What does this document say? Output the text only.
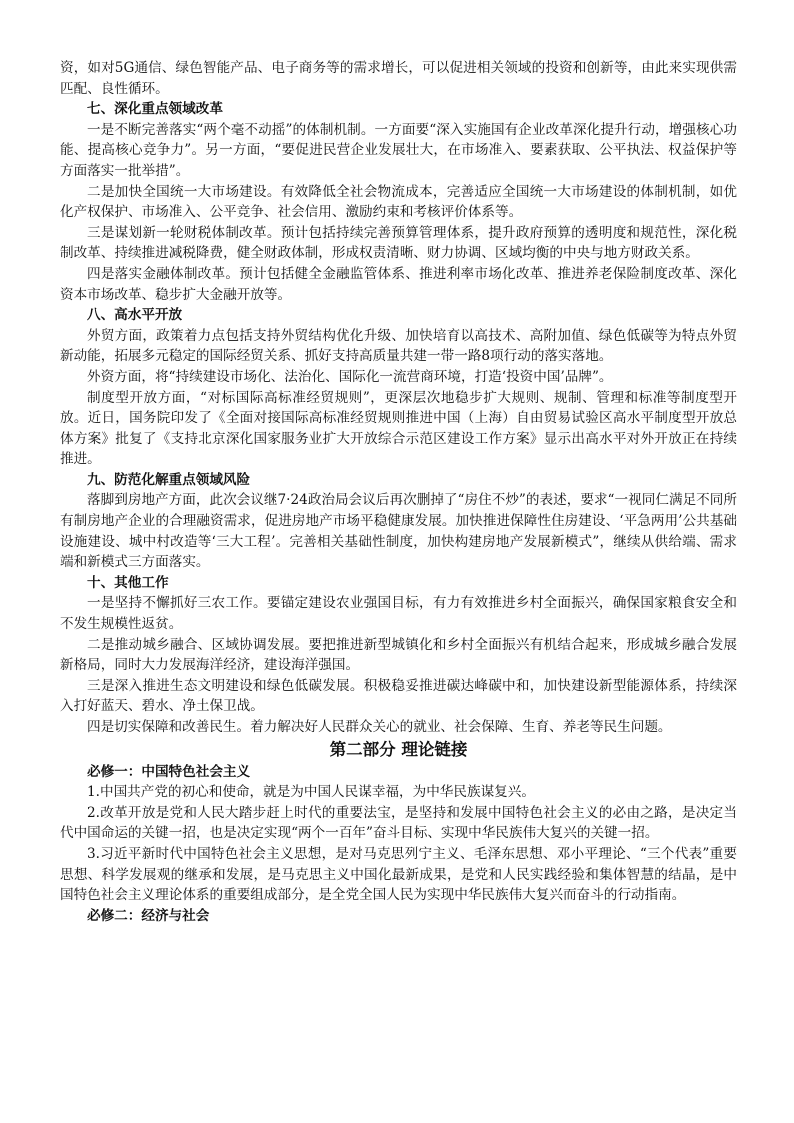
资，如对5G通信、绿色智能产品、电子商务等的需求增长，可以促进相关领域的投资和创新等，由此来实现供需匹配、良性循环。

七、深化重点领域改革

一是不断完善落实“两个毫不动摇”的体制机制。一方面要“深入实施国有企业改革深化提升行动，增强核心功能、提高核心竞争力”。另一方面，“要促进民营企业发展壮大，在市场准入、要素获取、公平执法、权益保护等方面落实一批举措”。

二是加快全国统一大市场建设。有效降低全社会物流成本，完善适应全国统一大市场建设的体制机制，如优化产权保护、市场准入、公平竞争、社会信用、激励约束和考核评价体系等。

三是谋划新一轮财税体制改革。预计包括持续完善预算管理体系，提升政府预算的透明度和规范性，深化税制改革、持续推进减税降费，健全财政体制，形成权责清晰、财力协调、区域均衡的中央与地方财政关系。

四是落实金融体制改革。预计包括健全金融监管体系、推进利率市场化改革、推进养老保险制度改革、深化资本市场改革、稳步扩大金融开放等。

八、高水平开放

外贸方面，政策着力点包括支持外贸结构优化升级、加快培育以高技术、高附加值、绿色低碳等为特点外贸新动能，拓展多元稳定的国际经贸关系、抓好支持高质量共建一带一路8项行动的落实落地。

外资方面，将“持续建设市场化、法治化、国际化一流营商环境，打造‘投资中国’品牌”。

制度型开放方面，“对标国际高标准经贸规则”，更深层次地稳步扩大规则、规制、管理和标准等制度型开放。近日，国务院印发了《全面对接国际高标准经贸规则推进中国（上海）自由贸易试验区高水平制度型开放总体方案》批复了《支持北京深化国家服务业扩大开放综合示范区建设工作方案》显示出高水平对外开放正在持续推进。

九、防范化解重点领域风险

落脚到房地产方面，此次会议继7·24政治局会议后再次删掉了“房住不炒”的表述，要求“一视同仁满足不同所有制房地产企业的合理融资需求，促进房地产市场平稳健康发展。加快推进保障性住房建设、‘平急两用’公共基础设施建设、城中村改造等‘三大工程’。完善相关基础性制度，加快构建房地产发展新模式”，继续从供给端、需求端和新模式三方面落实。

十、其他工作

一是坚持不懈抓好三农工作。要锚定建设农业强国目标，有力有效推进乡村全面振兴，确保国家粮食安全和不发生规模性返贫。

二是推动城乡融合、区域协调发展。要把推进新型城镇化和乡村全面振兴有机结合起来，形成城乡融合发展新格局，同时大力发展海洋经济，建设海洋强国。

三是深入推进生态文明建设和绿色低碳发展。积极稳妥推进碳达峰碳中和，加快建设新型能源体系，持续深入打好蓝天、碧水、净土保卫战。

四是切实保障和改善民生。着力解决好人民群众关心的就业、社会保障、生育、养老等民生问题。

第二部分 理论链接

必修一：中国特色社会主义

1.中国共产党的初心和使命，就是为中国人民谋幸福，为中华民族谋复兴。

2.改革开放是党和人民大踏步赶上时代的重要法宝，是坚持和发展中国特色社会主义的必由之路，是决定当代中国命运的关键一招，也是决定实现“两个一百年”奋斗目标、实现中华民族伟大复兴的关键一招。

3.习近平新时代中国特色社会主义思想，是对马克思列宁主义、毛泽东思想、邓小平理论、“三个代表”重要思想、科学发展观的继承和发展，是马克思主义中国化最新成果，是党和人民实践经验和集体智慧的结晶，是中国特色社会主义理论体系的重要组成部分，是全党全国人民为实现中华民族伟大复兴而奋斗的行动指南。

必修二：经济与社会
